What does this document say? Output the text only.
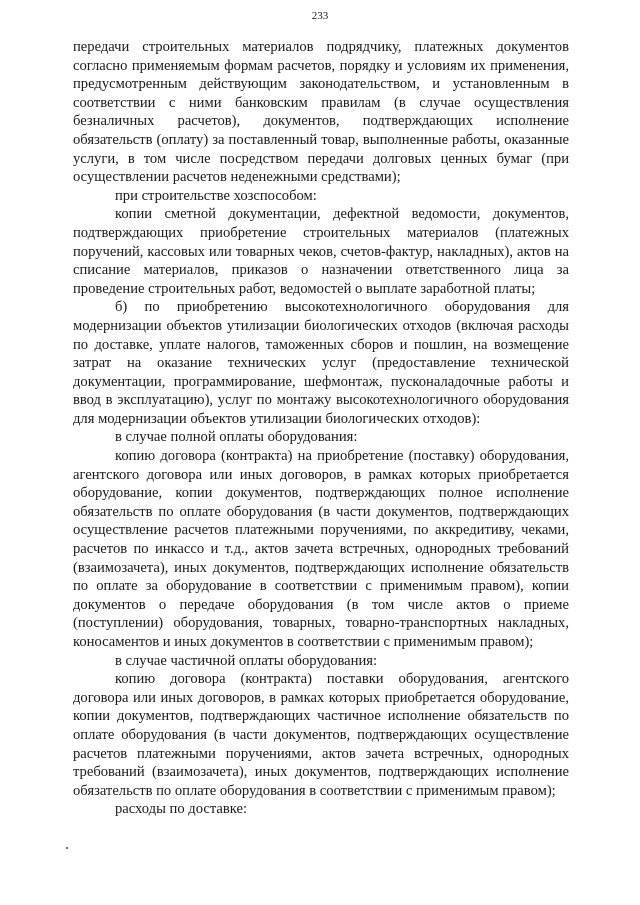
233

передачи строительных материалов подрядчику, платежных документов согласно применяемым формам расчетов, порядку и условиям их применения, предусмотренным действующим законодательством, и установленным в соответствии с ними банковским правилам (в случае осуществления безналичных расчетов), документов, подтверждающих исполнение обязательств (оплату) за поставленный товар, выполненные работы, оказанные услуги, в том числе посредством передачи долговых ценных бумаг (при осуществлении расчетов неденежными средствами);

при строительстве хозспособом:

копии сметной документации, дефектной ведомости, документов, подтверждающих приобретение строительных материалов (платежных поручений, кассовых или товарных чеков, счетов-фактур, накладных), актов на списание материалов, приказов о назначении ответственного лица за проведение строительных работ, ведомостей о выплате заработной платы;

б) по приобретению высокотехнологичного оборудования для модернизации объектов утилизации биологических отходов (включая расходы по доставке, уплате налогов, таможенных сборов и пошлин, на возмещение затрат на оказание технических услуг (предоставление технической документации, программирование, шефмонтаж, пусконаладочные работы и ввод в эксплуатацию), услуг по монтажу высокотехнологичного оборудования для модернизации объектов утилизации биологических отходов):

в случае полной оплаты оборудования:

копию договора (контракта) на приобретение (поставку) оборудования, агентского договора или иных договоров, в рамках которых приобретается оборудование, копии документов, подтверждающих полное исполнение обязательств по оплате оборудования (в части документов, подтверждающих осуществление расчетов платежными поручениями, по аккредитиву, чеками, расчетов по инкассо и т.д., актов зачета встречных, однородных требований (взаимозачета), иных документов, подтверждающих исполнение обязательств по оплате за оборудование в соответствии с применимым правом), копии документов о передаче оборудования (в том числе актов о приеме (поступлении) оборудования, товарных, товарно-транспортных накладных, коносаментов и иных документов в соответствии с применимым правом);

в случае частичной оплаты оборудования:

копию договора (контракта) поставки оборудования, агентского договора или иных договоров, в рамках которых приобретается оборудование, копии документов, подтверждающих частичное исполнение обязательств по оплате оборудования (в части документов, подтверждающих осуществление расчетов платежными поручениями, актов зачета встречных, однородных требований (взаимозачета), иных документов, подтверждающих исполнение обязательств по оплате оборудования в соответствии с применимым правом);

расходы по доставке:
